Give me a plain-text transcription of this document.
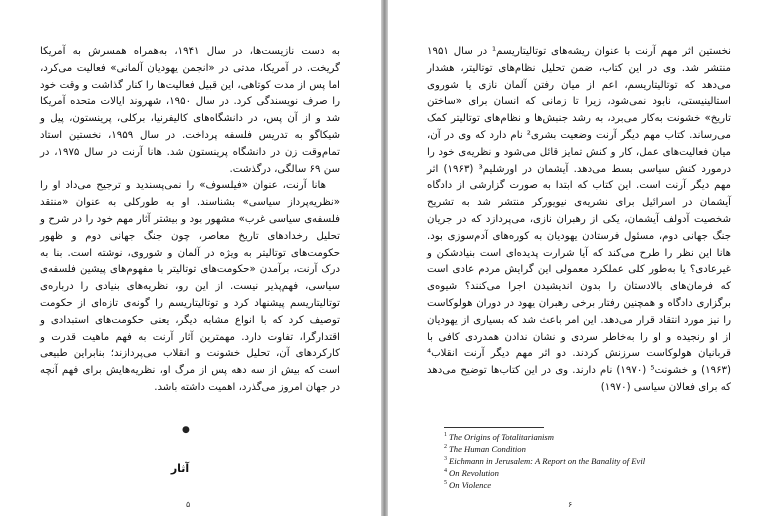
به دست نازیست‌ها، در سال ۱۹۴۱، به‌همراه همسرش به آمریکا گریخت. در آمریکا، مدتی در «انجمن یهودیان آلمانی» فعالیت می‌کرد، اما پس از مدت کوتاهی، این قبیل فعالیت‌ها را کنار گذاشت و وقت خود را صرف نویسندگی کرد. در سال ۱۹۵۰، شهروند ایالات متحده آمریکا شد و از آن پس، در دانشگاه‌های کالیفرنیا، برکلی، پرینستون، پیل و شیکاگو به تدریس فلسفه پرداخت. در سال ۱۹۵۹، نخستین استاد تمام‌وقت زن در دانشگاه پرینستون شد. هانا آرنت در سال ۱۹۷۵، در سن ۶۹ سالگی، درگذشت.

هانا آرنت، عنوان «فیلسوف» را نمی‌پسندید و ترجیح می‌داد او را «نظریه‌پرداز سیاسی» بشناسند. او به طورکلی به عنوان «منتقد فلسفه‌ی سیاسی غرب» مشهور بود و بیشتر آثار مهم خود را در شرح و تحلیل رخدادهای تاریخ معاصر، چون جنگ جهانی دوم و ظهور حکومت‌های توتالیتر به ویژه در آلمان و شوروی، نوشته است. بنا به درک آرنت، برآمدن «حکومت‌های توتالیتر با مفهوم‌های پیشین فلسفه‌ی سیاسی، فهم‌پذیر نیست. از این رو، نظریه‌های بنیادی را درباره‌ی توتالیتاریسم پیشنهاد کرد و توتالیتاریسم را گونه‌ی تازه‌ای از حکومت توصیف کرد که با انواع مشابه دیگر، یعنی حکومت‌های استبدادی و اقتدارگرا، تفاوت دارد. مهمترین آثار آرنت به فهم ماهیت قدرت و کارکردهای آن، تحلیل خشونت و انقلاب می‌پردازند؛ بنابراین طبیعی است که بیش از سه دهه پس از مرگ او، نظریه‌هایش برای فهم آنچه در جهان امروز می‌گذرد، اهمیت داشته باشد.

●
آثار
۵

نخستین اثر مهم آرنت با عنوان ریشه‌های توتالیتاریسم¹ در سال ۱۹۵۱ منتشر شد. وی در این کتاب، ضمن تحلیل نظام‌های توتالیتر، هشدار می‌دهد که توتالیتاریسم، اعم از میان رفتن آلمان نازی یا شوروی استالینیستی، نابود نمی‌شود، زیرا تا زمانی که انسان برای «ساختن تاریخ» خشونت به‌کار می‌برد، به رشد جنبش‌ها و نظام‌های توتالیتر کمک می‌رساند. کتاب مهم دیگر آرنت وضعیت بشری² نام دارد که وی در آن، میان فعالیت‌های عمل، کار و کنش تمایز قائل می‌شود و نظریه‌ی خود را درمورد کنش سیاسی بسط می‌دهد. آیشمان در اورشلیم³ (۱۹۶۳) اثر مهم دیگر آرنت است. این کتاب که ابتدا به صورت گزارشی از دادگاه آیشمان در اسرائیل برای نشریه‌ی نیویورکر منتشر شد به تشریح شخصیت آدولف آیشمان، یکی از رهبران نازی، می‌پردازد که در جریان جنگ جهانی دوم، مسئول فرستادن یهودیان به کوره‌های آدم‌سوزی بود. هانا این نظر را طرح می‌کند که آیا شرارت پدیده‌ای است بنیادشکن و غیرعادی؟ یا به‌طور کلی عملکرد معمولی این گرایش مردم عادی است که فرمان‌های بالادستان را بدون اندیشیدن اجرا می‌کنند؟ شیوه‌ی برگزاری دادگاه و همچنین رفتار برخی رهبران یهود در دوران هولوکاست را نیز مورد انتقاد قرار می‌دهد. این امر باعث شد که بسیاری از یهودیان از او رنجیده و او را به‌خاطر سردی و نشان ندادن همدردی کافی با قربانیان هولوکاست سرزنش کردند. دو اثر مهم دیگر آرنت انقلاب⁴ (۱۹۶۳) و خشونت⁵ (۱۹۷۰) نام دارند. وی در این کتاب‌ها توضیح می‌دهد که برای فعالان سیاسی (۱۹۷۰)

$^1$ The Origins of Totalitarianism
$^2$ The Human Condition
$^3$ Eichmann in Jerusalem: A Report on the Banality of Evil
$^4$ On Revolution
$^5$ On Violence
۶
